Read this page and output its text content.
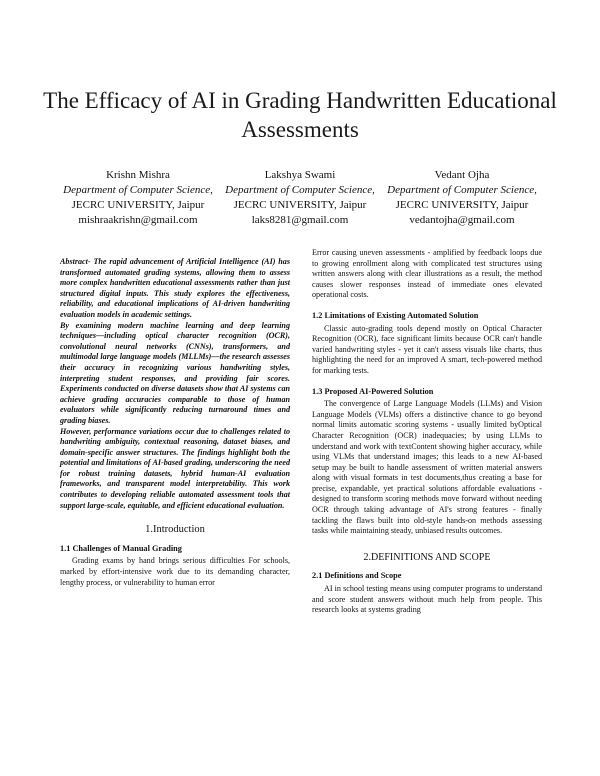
The Efficacy of AI in Grading Handwritten Educational Assessments
Krishn Mishra
Department of Computer Science,
JECRC UNIVERSITY, Jaipur
mishraakrishn@gmail.com
Lakshya Swami
Department of Computer Science,
JECRC UNIVERSITY, Jaipur
laks8281@gmail.com
Vedant Ojha
Department of Computer Science,
JECRC UNIVERSITY, Jaipur
vedantojha@gmail.com

Abstract- The rapid advancement of Artificial Intelligence (AI) has transformed automated grading systems, allowing them to assess more complex handwritten educational assessments rather than just structured digital inputs. This study explores the effectiveness, reliability, and educational implications of AI-driven handwriting evaluation models in academic settings.

By examining modern machine learning and deep learning techniques—including optical character recognition (OCR), convolutional neural networks (CNNs), transformers, and multimodal large language models (MLLMs)—the research assesses their accuracy in recognizing various handwriting styles, interpreting student responses, and providing fair scores. Experiments conducted on diverse datasets show that AI systems can achieve grading accuracies comparable to those of human evaluators while significantly reducing turnaround times and grading biases.

However, performance variations occur due to challenges related to handwriting ambiguity, contextual reasoning, dataset biases, and domain-specific answer structures. The findings highlight both the potential and limitations of AI-based grading, underscoring the need for robust training datasets, hybrid human-AI evaluation frameworks, and transparent model interpretability. This work contributes to developing reliable automated assessment tools that support large-scale, equitable, and efficient educational evaluation.

1.Introduction
1.1 Challenges of Manual Grading

Grading exams by hand brings serious difficulties For schools, marked by effort-intensive work due to its demanding character, lengthy process, or vulnerability to human error

Error causing uneven assessments - amplified by feedback loops due to growing enrollment along with complicated test structures using written answers along with clear illustrations as a result, the method causes slower responses instead of immediate ones elevated operational costs.

1.2 Limitations of Existing Automated Solution

Classic auto-grading tools depend mostly on Optical Character Recognition (OCR), face significant limits because OCR can't handle varied handwriting styles - yet it can't assess visuals like charts, thus highlighting the need for an improved A smart, tech-powered method for marking tests.

1.3 Proposed AI-Powered Solution

The convergence of Large Language Models (LLMs) and Vision Language Models (VLMs) offers a distinctive chance to go beyond normal limits automatic scoring systems - usually limited byOptical Character Recognition (OCR) inadequacies; by using LLMs to understand and work with textContent showing higher accuracy, while using VLMs that understand images; this leads to a new AI-based setup may be built to handle assessment of written material answers along with visual formats in test documents,thus creating a base for precise, expandable, yet practical solutions affordable evaluations - designed to transform scoring methods move forward without needing OCR through taking advantage of AI's strong features - finally tackling the flaws built into old-style hands-on methods assessing tasks while maintaining steady, unbiased results outcomes.

2.DEFINITIONS AND SCOPE
2.1 Definitions and Scope

AI in school testing means using computer programs to understand and score student answers without much help from people. This research looks at systems grading
